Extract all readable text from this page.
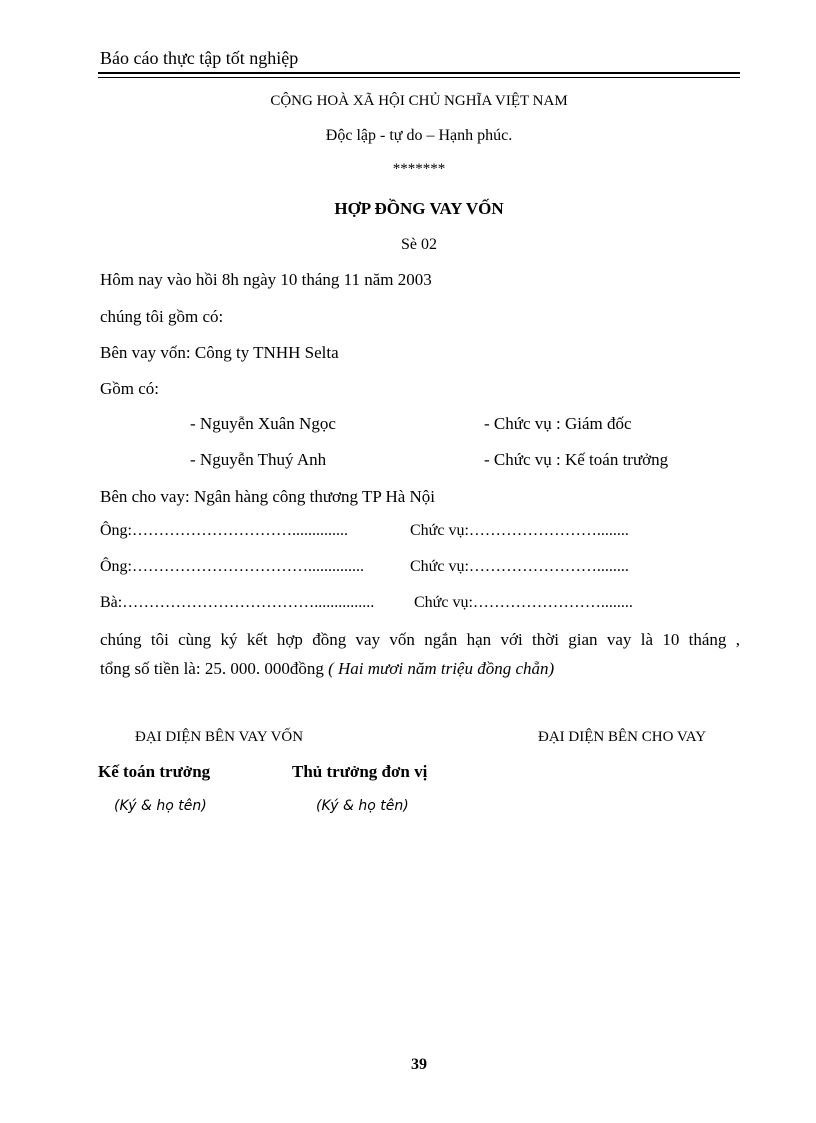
Báo cáo thực tập tốt nghiệp
CỘNG HOÀ XÃ HỘI CHỦ NGHĨA VIỆT NAM
Độc lập - tự do – Hạnh phúc.
*******
HỢP ĐỒNG VAY VỐN
Sè 02
Hôm nay vào hồi 8h ngày 10 tháng 11 năm 2003
chúng tôi gồm có:
Bên vay vốn: Công ty TNHH Selta
Gồm có:
- Nguyễn Xuân Ngọc	- Chức vụ : Giám đốc
- Nguyễn Thuý Anh	- Chức vụ : Kế toán trưởng
Bên cho vay: Ngân hàng công thương TP Hà Nội
Ông:…………………………..............	Chức vụ:……………………........
Ông:……………………………..............	Chức vụ:……………………........
Bà:………………………………............... Chức vụ:……………………........
chúng tôi cùng ký kết hợp đồng vay vốn ngắn hạn với thời gian vay là 10 tháng ,
tổng số tiền là: 25. 000. 000đồng ( Hai mươi năm triệu đồng chẵn)
ĐẠI DIỆN BÊN VAY VỐN	ĐẠI DIỆN BÊN CHO VAY
Kế toán trưởng	Thủ trưởng đơn vị
(Ký & họ tên)	(Ký & họ tên)
39
